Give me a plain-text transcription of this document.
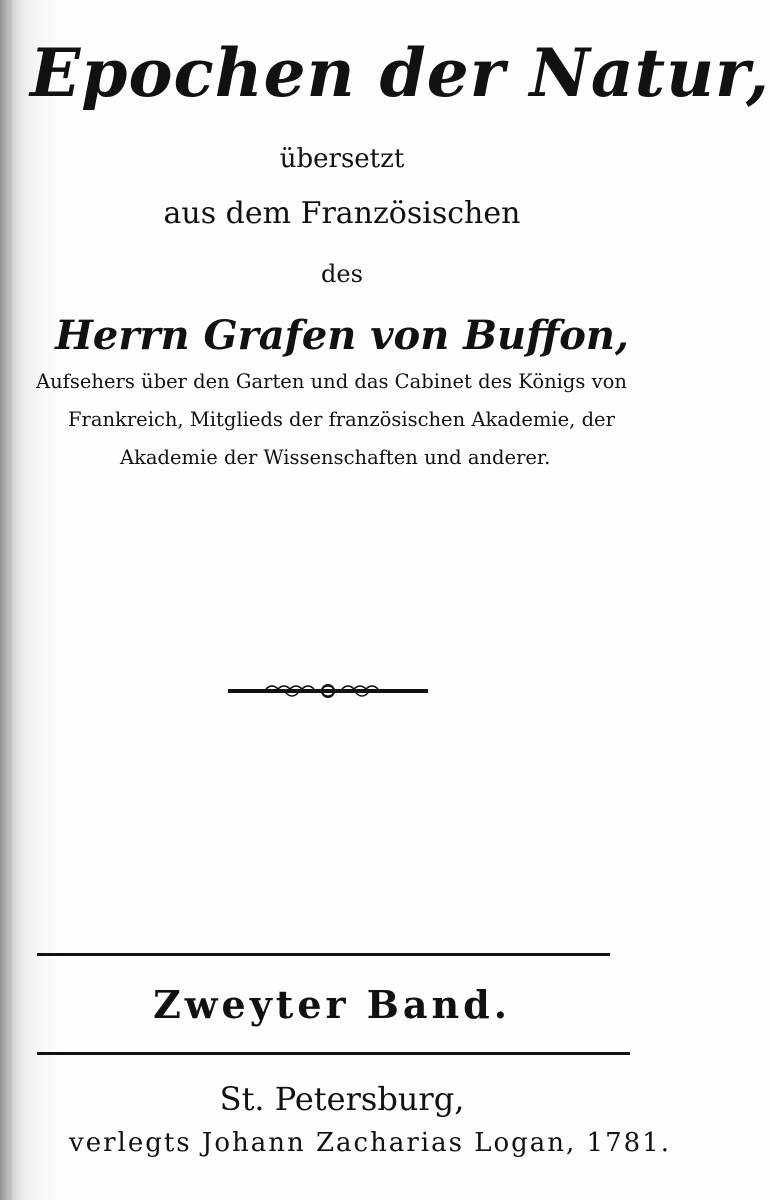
Epochen der Natur,
übersetzt
aus dem Französischen
des
Herrn Grafen von Buffon,
Aufsehers über den Garten und das Cabinet des Königs von
Frankreich, Mitglieds der französischen Akademie, der
Akademie der Wissenschaften und anderer.
Zweyter Band.
St. Petersburg,
verlegts Johann Zacharias Logan, 1781.
